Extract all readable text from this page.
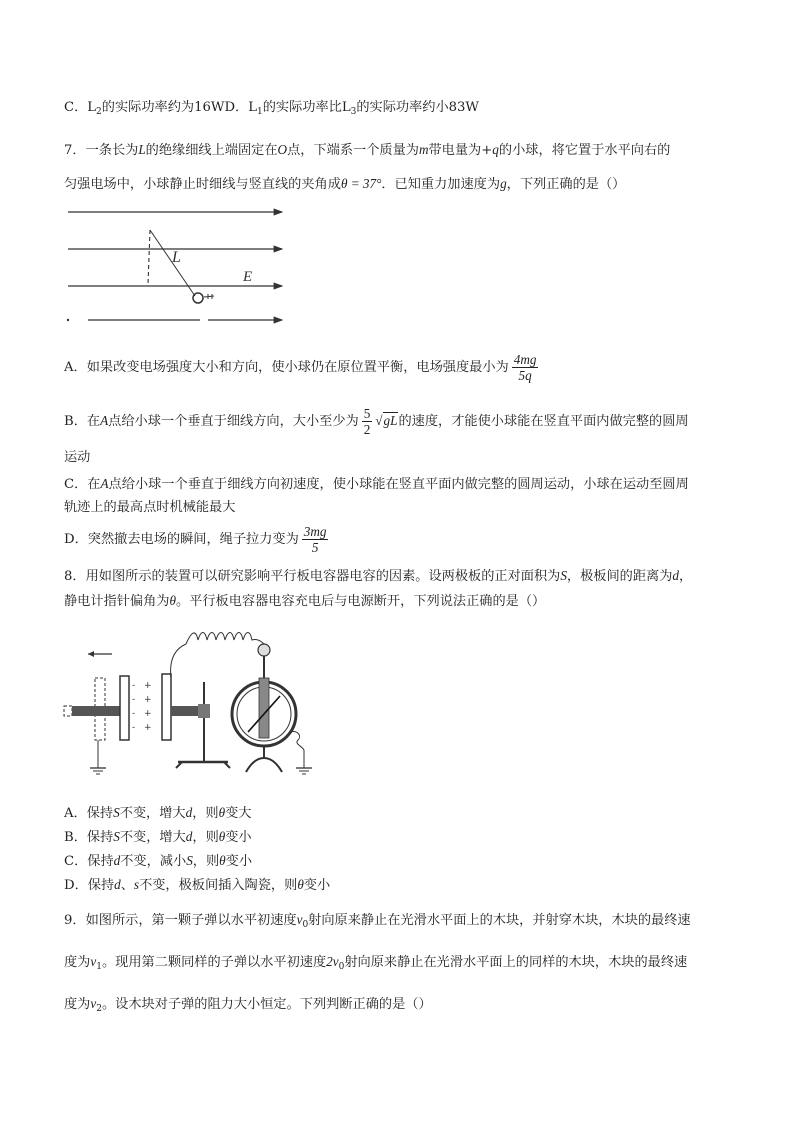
C．$L_2$的实际功率约为16WD．$L_1$的实际功率比$L_3$的实际功率约小83W
7．一条长为L的绝缘细线上端固定在O点，下端系一个质量为m带电量为+q的小球，将它置于水平向右的
匀强电场中，小球静止时细线与竖直线的夹角成θ = 37°．已知重力加速度为g，下列正确的是（）
L
E
A．如果改变电场强度大小和方向，使小球仍在原位置平衡，电场强度最小为 $\frac{4mg}{5q}$
B．在A点给小球一个垂直于细线方向，大小至少为 $\frac{5}{2} √gL$的速度，才能使小球能在竖直平面内做完整的圆周
运动
C．在A点给小球一个垂直于细线方向初速度，使小球能在竖直平面内做完整的圆周运动，小球在运动至圆周
轨迹上的最高点时机械能最大
D．突然撤去电场的瞬间，绳子拉力变为 $\frac{3mg}{5}$
8．用如图所示的装置可以研究影响平行板电容器电容的因素。设两极板的正对面积为S，极板间的距离为d，
静电计指针偏角为θ。平行板电容器电容充电后与电源断开，下列说法正确的是（）
+
+
+
+
-
-
-
-
A．保持S不变，增大d，则θ变大
B．保持S不变，增大d，则θ变小
C．保持d不变，减小S，则θ变小
D．保持d、s不变，极板间插入陶瓷，则θ变小
9．如图所示，第一颗子弹以水平初速度$v_0$射向原来静止在光滑水平面上的木块，并射穿木块，木块的最终速
度为$v_1$。现用第二颗同样的子弹以水平初速度$2v_0$射向原来静止在光滑水平面上的同样的木块，木块的最终速
度为$v_2$。设木块对子弹的阻力大小恒定。下列判断正确的是（）
